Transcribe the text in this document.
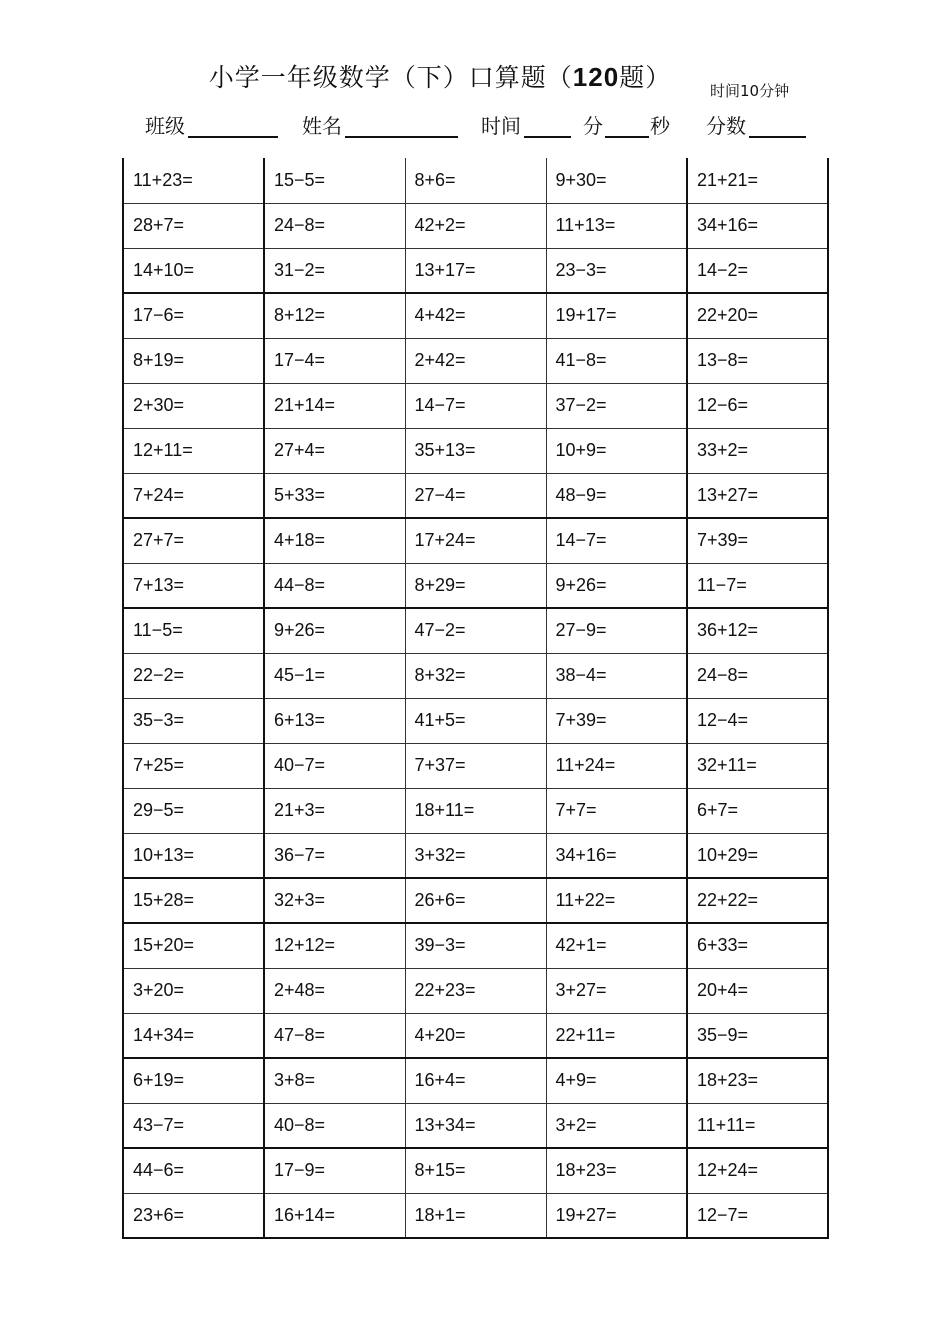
小学一年级数学（下）口算题（120题）	时间10分钟
班级	姓名	时间	分 秒 分数
11+23=	15−5=	8+6=	9+30=	21+21=
28+7=	24−8=	42+2=	11+13=	34+16=
14+10=	31−2=	13+17=	23−3=	14−2=
17−6=	8+12=	4+42=	19+17=	22+20=
8+19=	17−4=	2+42=	41−8=	13−8=
2+30=	21+14=	14−7=	37−2=	12−6=
12+11=	27+4=	35+13=	10+9=	33+2=
7+24=	5+33=	27−4=	48−9=	13+27=
27+7=	4+18=	17+24=	14−7=	7+39=
7+13=	44−8=	8+29=	9+26=	11−7=
11−5=	9+26=	47−2=	27−9=	36+12=
22−2=	45−1=	8+32=	38−4=	24−8=
35−3=	6+13=	41+5=	7+39=	12−4=
7+25=	40−7=	7+37=	11+24=	32+11=
29−5=	21+3=	18+11=	7+7=	6+7=
10+13=	36−7=	3+32=	34+16=	10+29=
15+28=	32+3=	26+6=	11+22=	22+22=
15+20=	12+12=	39−3=	42+1=	6+33=
3+20=	2+48=	22+23=	3+27=	20+4=
14+34=	47−8=	4+20=	22+11=	35−9=
6+19=	3+8=	16+4=	4+9=	18+23=
43−7=	40−8=	13+34=	3+2=	11+11=
44−6=	17−9=	8+15=	18+23=	12+24=
23+6=	16+14=	18+1=	19+27=	12−7=
